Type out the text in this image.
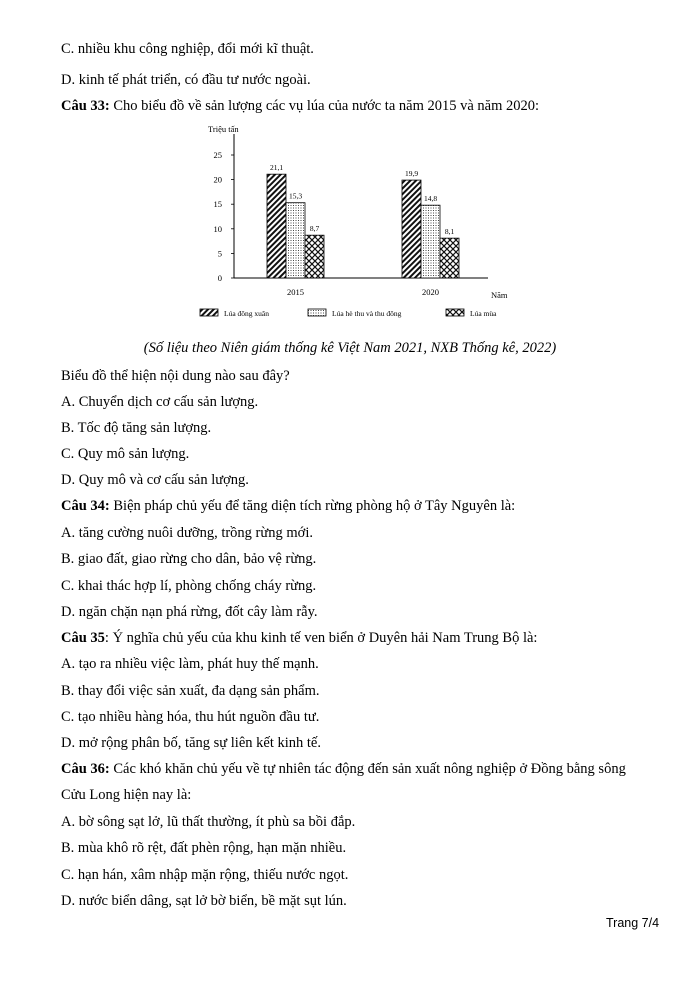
C. nhiều khu công nghiệp, đổi mới kĩ thuật.
D. kinh tế phát triển, có đầu tư nước ngoài.
Câu 33: Cho biểu đồ về sản lượng các vụ lúa của nước ta năm 2015 và năm 2020:
Triệu tấn
Năm
0
5
10
15
20
25
2015	2020
21,1
15,3
8,7
19,9
14,8
8,1
Lúa đông xuân	Lúa hè thu và thu đông	Lúa mùa
(Số liệu theo Niên giám thống kê Việt Nam 2021, NXB Thống kê, 2022)
Biểu đồ thể hiện nội dung nào sau đây?
A. Chuyển dịch cơ cấu sản lượng.
B. Tốc độ tăng sản lượng.
C. Quy mô sản lượng.
D. Quy mô và cơ cấu sản lượng.
Câu 34: Biện pháp chủ yếu để tăng diện tích rừng phòng hộ ở Tây Nguyên là:
A. tăng cường nuôi dưỡng, trồng rừng mới.
B. giao đất, giao rừng cho dân, bảo vệ rừng.
C. khai thác hợp lí, phòng chống cháy rừng.
D. ngăn chặn nạn phá rừng, đốt cây làm rẫy.
Câu 35: Ý nghĩa chủ yếu của khu kinh tế ven biển ở Duyên hải Nam Trung Bộ là:
A. tạo ra nhiều việc làm, phát huy thế mạnh.
B. thay đổi việc sản xuất, đa dạng sản phẩm.
C. tạo nhiều hàng hóa, thu hút nguồn đầu tư.
D. mở rộng phân bố, tăng sự liên kết kinh tế.
Câu 36: Các khó khăn chủ yếu về tự nhiên tác động đến sản xuất nông nghiệp ở Đồng bằng sông
Cửu Long hiện nay là:
A. bờ sông sạt lở, lũ thất thường, ít phù sa bồi đắp.
B. mùa khô rõ rệt, đất phèn rộng, hạn mặn nhiều.
C. hạn hán, xâm nhập mặn rộng, thiếu nước ngọt.
D. nước biển dâng, sạt lở bờ biển, bề mặt sụt lún.
Trang 7/4
